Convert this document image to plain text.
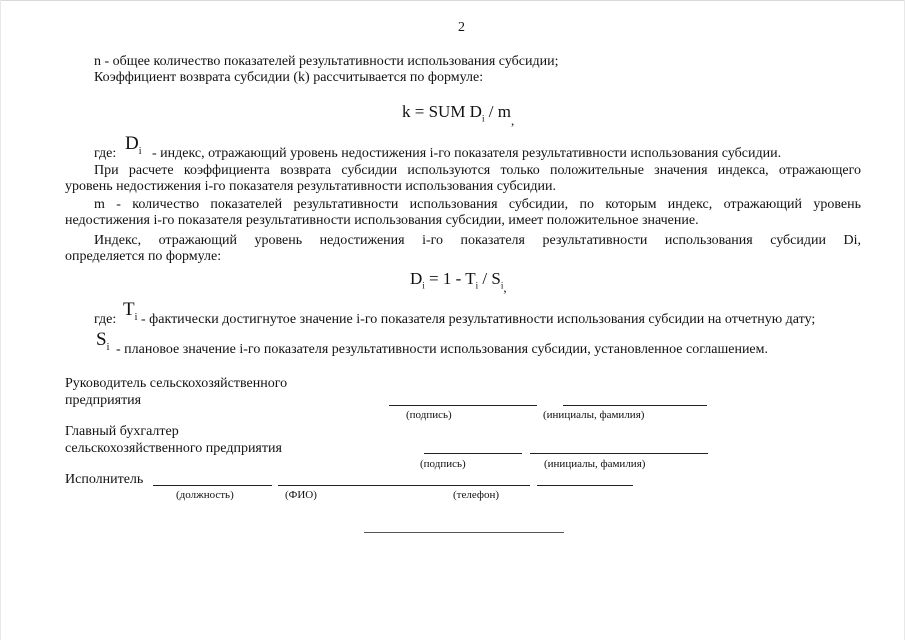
2
n - общее количество показателей результативности использования субсидии;
Коэффициент возврата субсидии (k) рассчитывается по формуле:
k = SUM $D_i / m_,$
где: $D_i$ - индекс, отражающий уровень недостижения i-го показателя результативности использования субсидии.
При расчете коэффициента возврата субсидии используются только положительные значения индекса, отражающего
уровень недостижения i-го показателя результативности использования субсидии.
m - количество показателей результативности использования субсидии, по которым индекс, отражающий уровень
недостижения i-го показателя результативности использования субсидии, имеет положительное значение.
Индекс, отражающий уровень недостижения i-го показателя результативности использования субсидии Di,
определяется по формуле:
$D_i = 1 - T_i / S_{i,}$
где: $T_i$ - фактически достигнутое значение i-го показателя результативности использования субсидии на отчетную дату;
$S_i$ - плановое значение i-го показателя результативности использования субсидии, установленное соглашением.
Руководитель сельскохозяйственного
предприятия
(подпись)	(инициалы, фамилия)
Главный бухгалтер
сельскохозяйственного предприятия
(подпись)	(инициалы, фамилия)
Исполнитель
(должность)	(ФИО)	(телефон)
